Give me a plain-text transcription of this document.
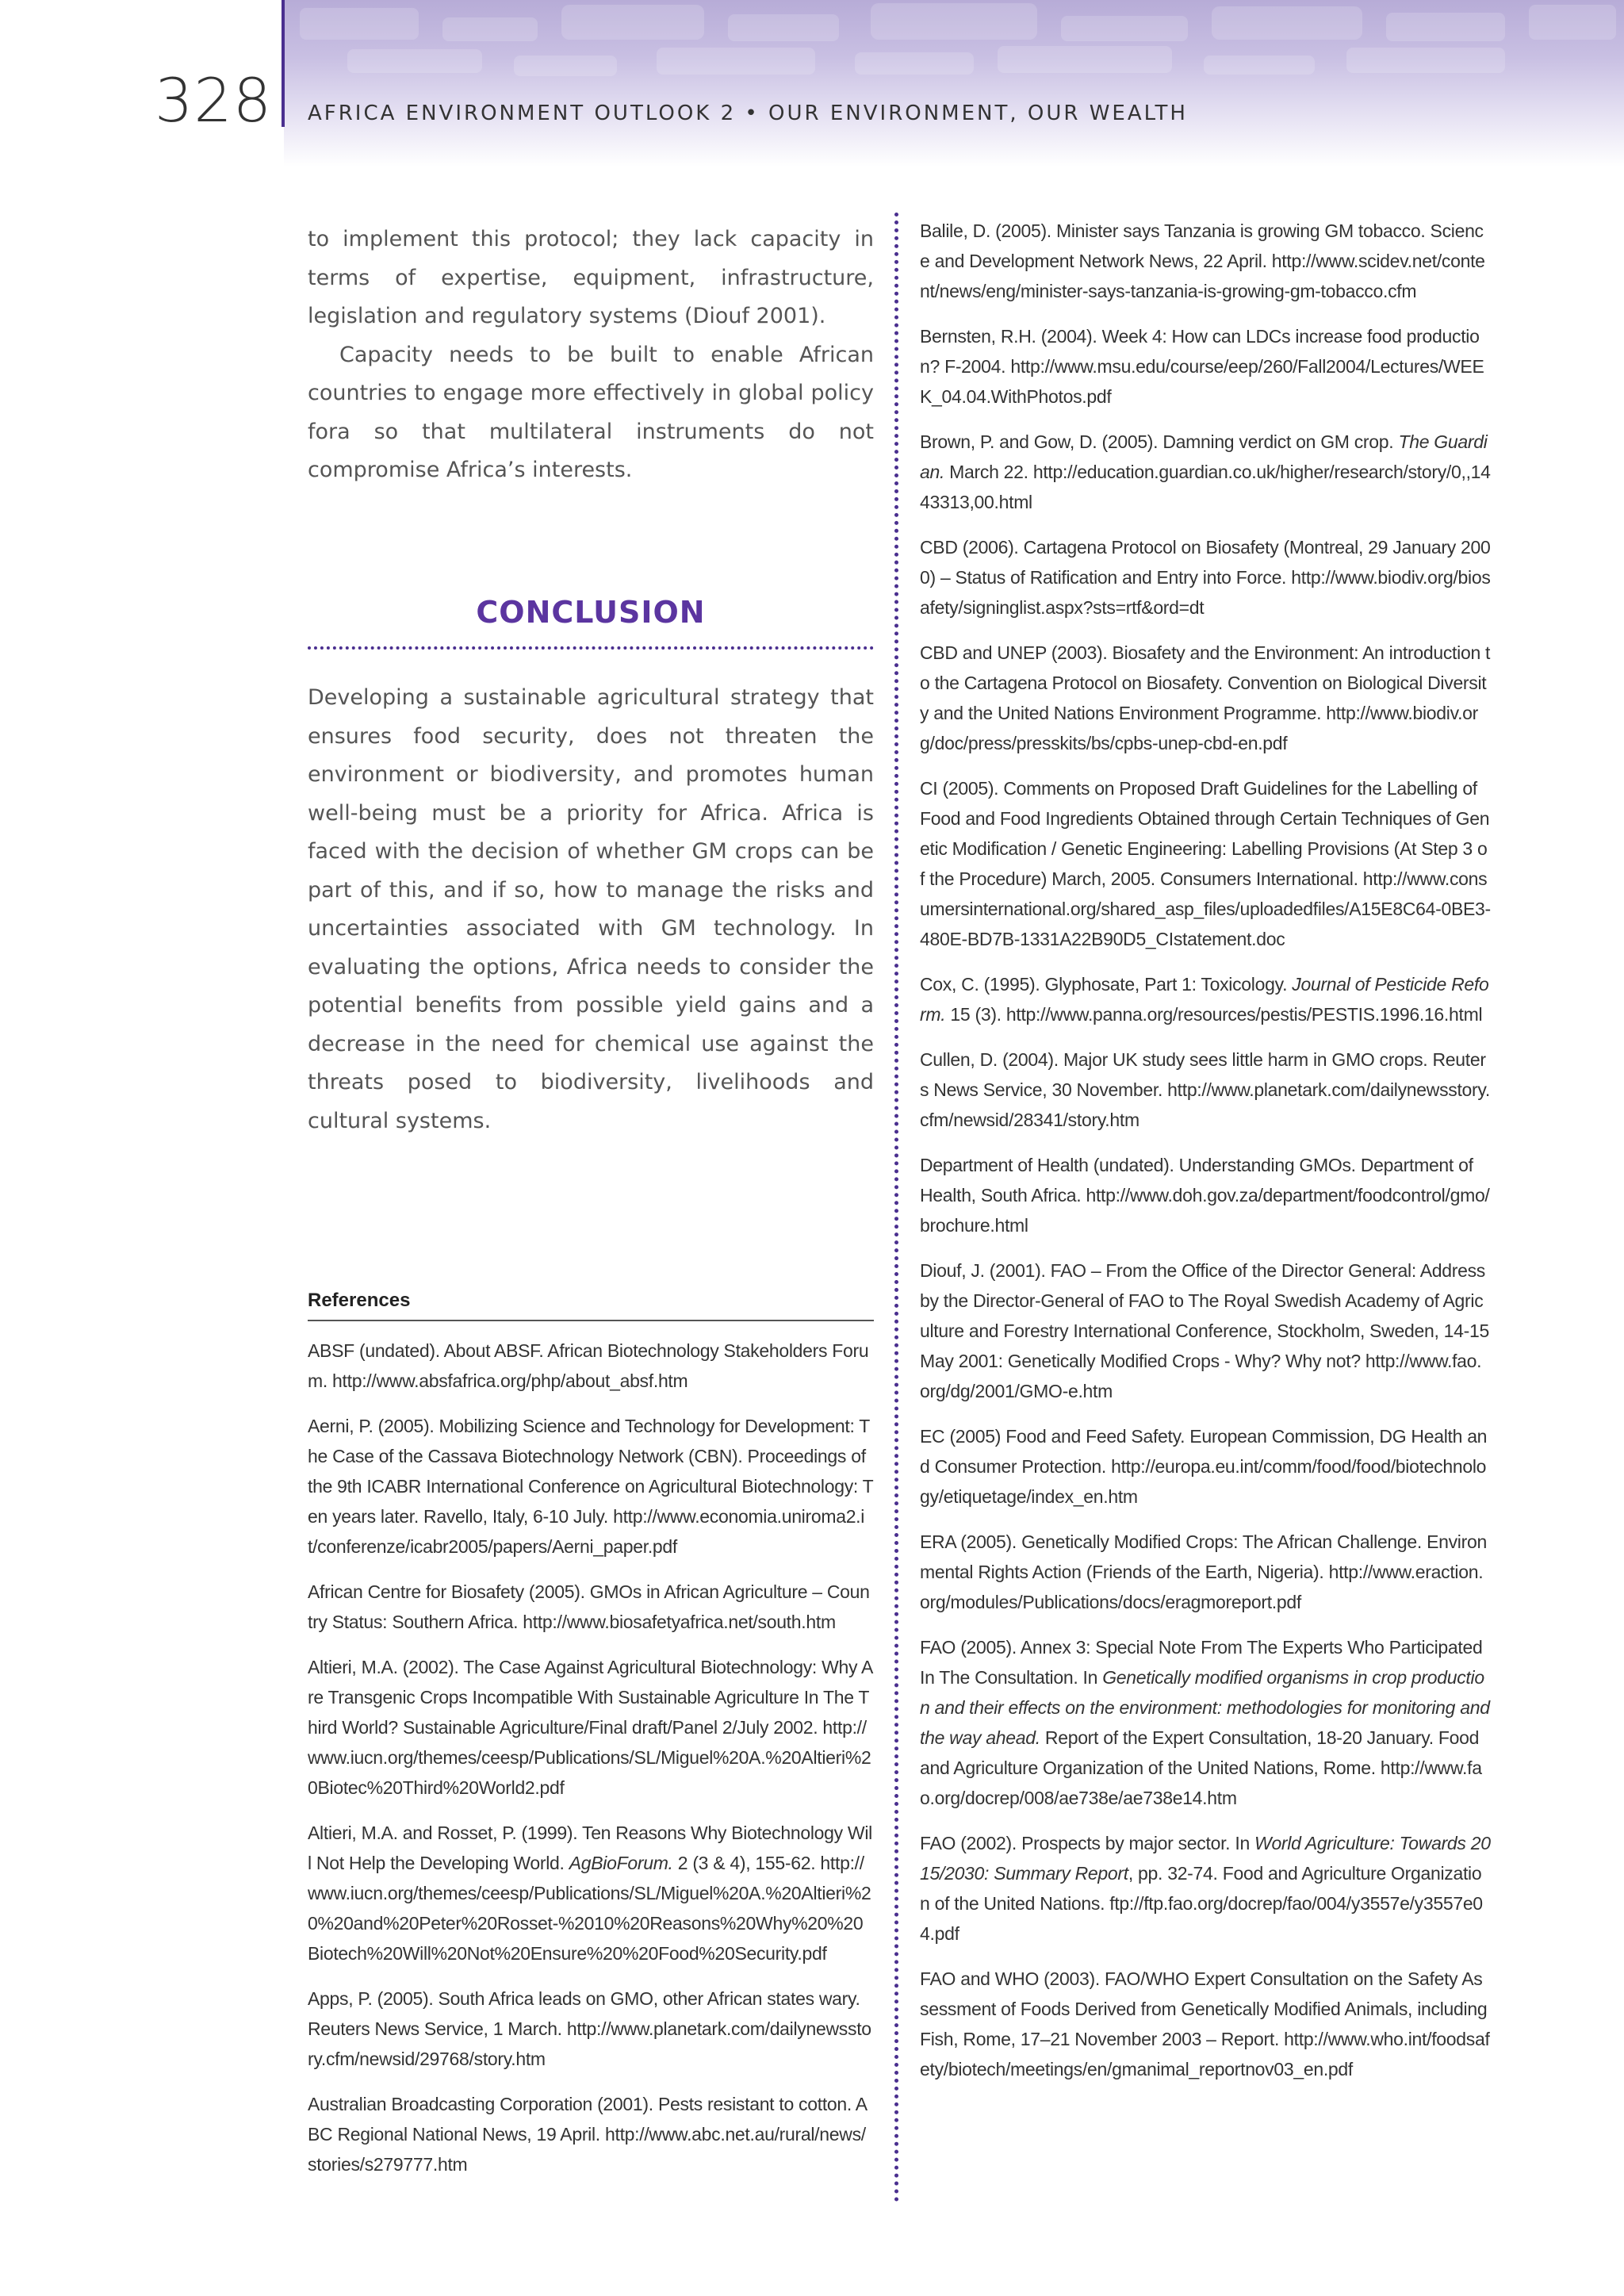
328 AFRICA ENVIRONMENT OUTLOOK 2 • OUR ENVIRONMENT, OUR WEALTH

to implement this protocol; they lack capacity in terms of expertise, equipment, infrastructure, legislation and regulatory systems (Diouf 2001).

Capacity needs to be built to enable African countries to engage more effectively in global policy fora so that multilateral instruments do not compromise Africa’s interests.

CONCLUSION

Developing a sustainable agricultural strategy that ensures food security, does not threaten the environment or biodiversity, and promotes human well-being must be a priority for Africa. Africa is faced with the decision of whether GM crops can be part of this, and if so, how to manage the risks and uncertainties associated with GM technology. In evaluating the options, Africa needs to consider the potential benefits from possible yield gains and a decrease in the need for chemical use against the threats posed to biodiversity, livelihoods and cultural systems.

References

ABSF (undated). About ABSF. African Biotechnology Stakeholders Forum. http://www.absfafrica.org/php/about_absf.htm

Aerni, P. (2005). Mobilizing Science and Technology for Development: The Case of the Cassava Biotechnology Network (CBN). Proceedings of the 9th ICABR International Conference on Agricultural Biotechnology: Ten years later. Ravello, Italy, 6-10 July. http://www.economia.uniroma2.it/conferenze/icabr2005/papers/Aerni_paper.pdf

African Centre for Biosafety (2005). GMOs in African Agriculture – Country Status: Southern Africa. http://www.biosafetyafrica.net/south.htm

Altieri, M.A. (2002). The Case Against Agricultural Biotechnology: Why Are Transgenic Crops Incompatible With Sustainable Agriculture In The Third World? Sustainable Agriculture/Final draft/Panel 2/July 2002. http://www.iucn.org/themes/ceesp/Publications/SL/Miguel%20A.%20Altieri%20Biotec%20Third%20World2.pdf

Altieri, M.A. and Rosset, P. (1999). Ten Reasons Why Biotechnology Will Not Help the Developing World. AgBioForum. 2 (3 & 4), 155-62. http://www.iucn.org/themes/ceesp/Publications/SL/Miguel%20A.%20Altieri%20%20and%20Peter%20Rosset-%2010%20Reasons%20Why%20%20Biotech%20Will%20Not%20Ensure%20%20Food%20Security.pdf

Apps, P. (2005). South Africa leads on GMO, other African states wary. Reuters News Service, 1 March. http://www.planetark.com/dailynewsstory.cfm/newsid/29768/story.htm

Australian Broadcasting Corporation (2001). Pests resistant to cotton. ABC Regional National News, 19 April. http://www.abc.net.au/rural/news/stories/s279777.htm

Balile, D. (2005). Minister says Tanzania is growing GM tobacco. Science and Development Network News, 22 April. http://www.scidev.net/content/news/eng/minister-says-tanzania-is-growing-gm-tobacco.cfm

Bernsten, R.H. (2004). Week 4: How can LDCs increase food production? F-2004. http://www.msu.edu/course/eep/260/Fall2004/Lectures/WEEK_04.04.WithPhotos.pdf

Brown, P. and Gow, D. (2005). Damning verdict on GM crop. The Guardian. March 22. http://education.guardian.co.uk/higher/research/story/0,,1443313,00.html

CBD (2006). Cartagena Protocol on Biosafety (Montreal, 29 January 2000) – Status of Ratification and Entry into Force. http://www.biodiv.org/biosafety/signinglist.aspx?sts=rtf&ord=dt

CBD and UNEP (2003). Biosafety and the Environment: An introduction to the Cartagena Protocol on Biosafety. Convention on Biological Diversity and the United Nations Environment Programme. http://www.biodiv.org/doc/press/presskits/bs/cpbs-unep-cbd-en.pdf

CI (2005). Comments on Proposed Draft Guidelines for the Labelling of Food and Food Ingredients Obtained through Certain Techniques of Genetic Modification / Genetic Engineering: Labelling Provisions (At Step 3 of the Procedure) March, 2005. Consumers International. http://www.consumersinternational.org/shared_asp_files/uploadedfiles/A15E8C64-0BE3-480E-BD7B-1331A22B90D5_CIstatement.doc

Cox, C. (1995). Glyphosate, Part 1: Toxicology. Journal of Pesticide Reform. 15 (3). http://www.panna.org/resources/pestis/PESTIS.1996.16.html

Cullen, D. (2004). Major UK study sees little harm in GMO crops. Reuters News Service, 30 November. http://www.planetark.com/dailynewsstory.cfm/newsid/28341/story.htm

Department of Health (undated). Understanding GMOs. Department of Health, South Africa. http://www.doh.gov.za/department/foodcontrol/gmo/brochure.html

Diouf, J. (2001). FAO – From the Office of the Director General: Address by the Director-General of FAO to The Royal Swedish Academy of Agriculture and Forestry International Conference, Stockholm, Sweden, 14-15 May 2001: Genetically Modified Crops - Why? Why not? http://www.fao.org/dg/2001/GMO-e.htm

EC (2005) Food and Feed Safety. European Commission, DG Health and Consumer Protection. http://europa.eu.int/comm/food/food/biotechnology/etiquetage/index_en.htm

ERA (2005). Genetically Modified Crops: The African Challenge. Environmental Rights Action (Friends of the Earth, Nigeria). http://www.eraction.org/modules/Publications/docs/eragmoreport.pdf

FAO (2005). Annex 3: Special Note From The Experts Who Participated In The Consultation. In Genetically modified organisms in crop production and their effects on the environment: methodologies for monitoring and the way ahead. Report of the Expert Consultation, 18-20 January. Food and Agriculture Organization of the United Nations, Rome. http://www.fao.org/docrep/008/ae738e/ae738e14.htm

FAO (2002). Prospects by major sector. In World Agriculture: Towards 2015/2030: Summary Report, pp. 32-74. Food and Agriculture Organization of the United Nations. ftp://ftp.fao.org/docrep/fao/004/y3557e/y3557e04.pdf

FAO and WHO (2003). FAO/WHO Expert Consultation on the Safety Assessment of Foods Derived from Genetically Modified Animals, including Fish, Rome, 17–21 November 2003 – Report. http://www.who.int/foodsafety/biotech/meetings/en/gmanimal_reportnov03_en.pdf
